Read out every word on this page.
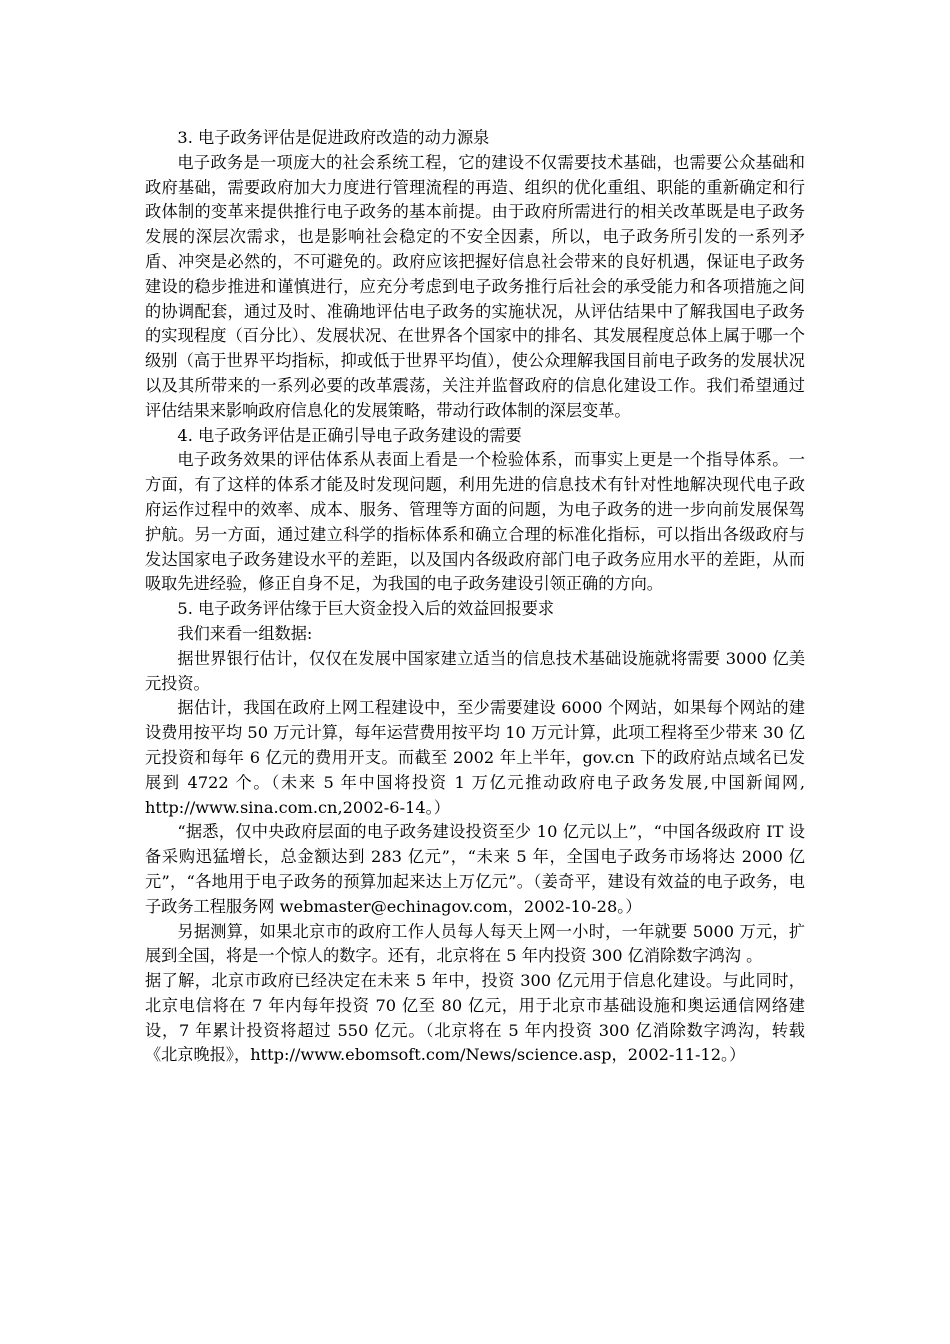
3. 电子政务评估是促进政府改造的动力源泉

电子政务是一项庞大的社会系统工程，它的建设不仅需要技术基础，也需要公众基础和政府基础，需要政府加大力度进行管理流程的再造、组织的优化重组、职能的重新确定和行政体制的变革来提供推行电子政务的基本前提。由于政府所需进行的相关改革既是电子政务发展的深层次需求，也是影响社会稳定的不安全因素，所以，电子政务所引发的一系列矛盾、冲突是必然的，不可避免的。政府应该把握好信息社会带来的良好机遇，保证电子政务建设的稳步推进和谨慎进行，应充分考虑到电子政务推行后社会的承受能力和各项措施之间的协调配套，通过及时、准确地评估电子政务的实施状况，从评估结果中了解我国电子政务的实现程度（百分比）、发展状况、在世界各个国家中的排名、其发展程度总体上属于哪一个级别（高于世界平均指标，抑或低于世界平均值），使公众理解我国目前电子政务的发展状况以及其所带来的一系列必要的改革震荡，关注并监督政府的信息化建设工作。我们希望通过评估结果来影响政府信息化的发展策略，带动行政体制的深层变革。

4. 电子政务评估是正确引导电子政务建设的需要

电子政务效果的评估体系从表面上看是一个检验体系，而事实上更是一个指导体系。一方面，有了这样的体系才能及时发现问题，利用先进的信息技术有针对性地解决现代电子政府运作过程中的效率、成本、服务、管理等方面的问题，为电子政务的进一步向前发展保驾护航。另一方面，通过建立科学的指标体系和确立合理的标准化指标，可以指出各级政府与发达国家电子政务建设水平的差距，以及国内各级政府部门电子政务应用水平的差距，从而吸取先进经验，修正自身不足，为我国的电子政务建设引领正确的方向。

5. 电子政务评估缘于巨大资金投入后的效益回报要求

我们来看一组数据:

据世界银行估计，仅仅在发展中国家建立适当的信息技术基础设施就将需要 3000 亿美元投资。

据估计，我国在政府上网工程建设中，至少需要建设 6000 个网站，如果每个网站的建设费用按平均 50 万元计算，每年运营费用按平均 10 万元计算，此项工程将至少带来 30 亿元投资和每年 6 亿元的费用开支。而截至 2002 年上半年，gov.cn 下的政府站点域名已发展到 4722 个。（未来 5 年中国将投资 1 万亿元推动政府电子政务发展,中国新闻网, http://www.sina.com.cn,2002-6-14。）

“据悉，仅中央政府层面的电子政务建设投资至少 10 亿元以上”，“中国各级政府 IT 设备采购迅猛增长，总金额达到 283 亿元”，“未来 5 年，全国电子政务市场将达 2000 亿元”，“各地用于电子政务的预算加起来达上万亿元”。（姜奇平，建设有效益的电子政务，电子政务工程服务网 webmaster@echinagov.com，2002-10-28。）

另据测算，如果北京市的政府工作人员每人每天上网一小时，一年就要 5000 万元，扩展到全国，将是一个惊人的数字。还有，北京将在 5 年内投资 300 亿消除数字鸿沟 。

据了解，北京市政府已经决定在未来 5 年中，投资 300 亿元用于信息化建设。与此同时，北京电信将在 7 年内每年投资 70 亿至 80 亿元，用于北京市基础设施和奥运通信网络建设，7 年累计投资将超过 550 亿元。（北京将在 5 年内投资 300 亿消除数字鸿沟，转载《北京晚报》，http://www.ebomsoft.com/News/science.asp，2002-11-12。）
